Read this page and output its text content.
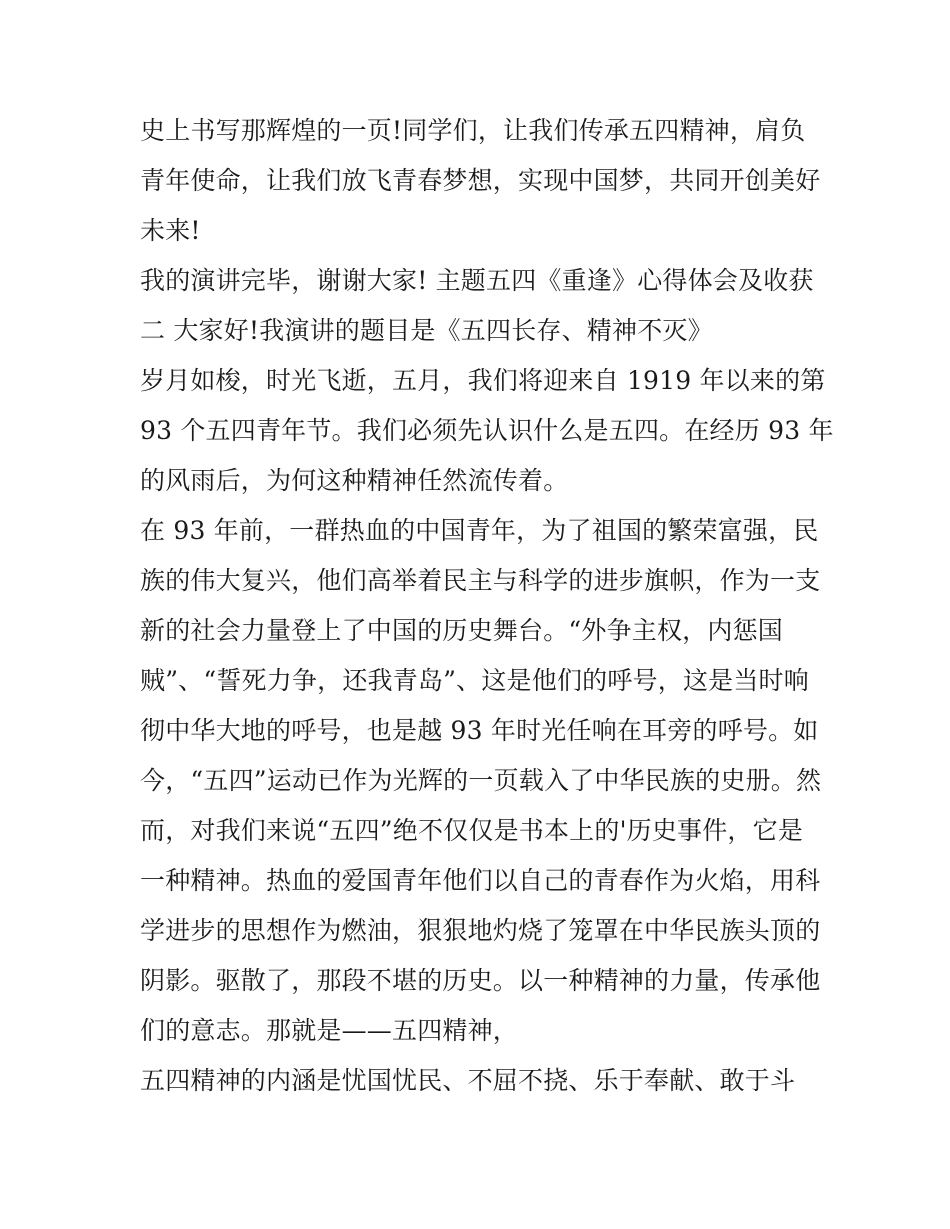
史上书写那辉煌的一页!同学们，让我们传承五四精神，肩负
青年使命，让我们放飞青春梦想，实现中国梦，共同开创美好
未来!
我的演讲完毕，谢谢大家! 主题五四《重逢》心得体会及收获
二 大家好!我演讲的题目是《五四长存、精神不灭》
岁月如梭，时光飞逝，五月，我们将迎来自 1919 年以来的第
93 个五四青年节。我们必须先认识什么是五四。在经历 93 年
的风雨后，为何这种精神任然流传着。
在 93 年前，一群热血的中国青年，为了祖国的繁荣富强，民
族的伟大复兴，他们高举着民主与科学的进步旗帜，作为一支
新的社会力量登上了中国的历史舞台。“外争主权，内惩国
贼”、“誓死力争，还我青岛”、这是他们的呼号，这是当时响
彻中华大地的呼号，也是越 93 年时光任响在耳旁的呼号。如
今，“五四”运动已作为光辉的一页载入了中华民族的史册。然
而，对我们来说“五四”绝不仅仅是书本上的'历史事件，它是
一种精神。热血的爱国青年他们以自己的青春作为火焰，用科
学进步的思想作为燃油，狠狠地灼烧了笼罩在中华民族头顶的
阴影。驱散了，那段不堪的历史。以一种精神的力量，传承他
们的意志。那就是——五四精神，
五四精神的内涵是忧国忧民、不屈不挠、乐于奉献、敢于斗
